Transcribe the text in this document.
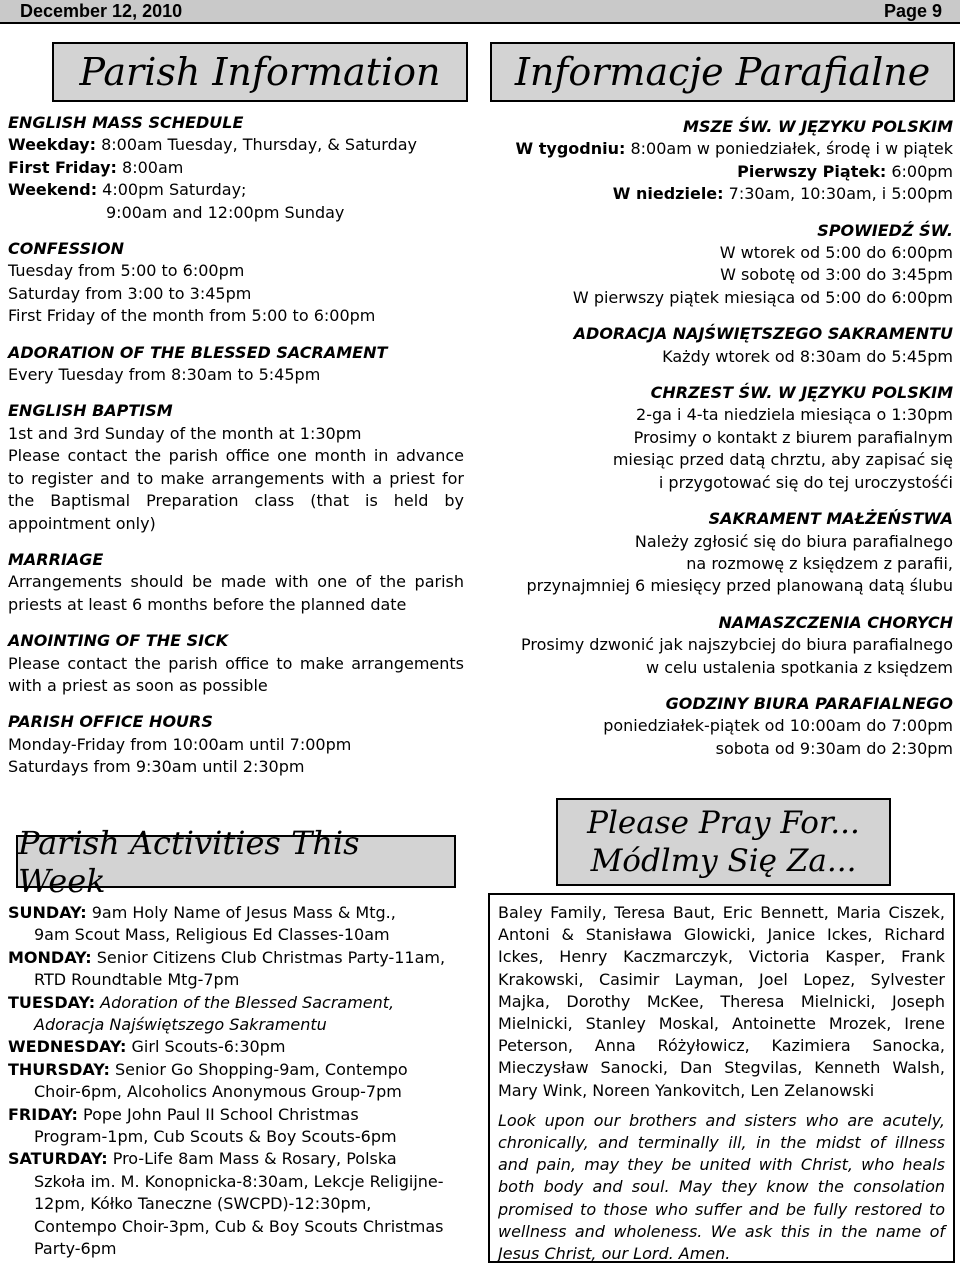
December 12, 2010	Page 9
Parish Information	Informacje Parafialne
ENGLISH MASS SCHEDULE
Weekday: 8:00am Tuesday, Thursday, & Saturday
First Friday: 8:00am
Weekend: 4:00pm Saturday;
9:00am and 12:00pm Sunday
CONFESSION
Tuesday from 5:00 to 6:00pm
Saturday from 3:00 to 3:45pm
First Friday of the month from 5:00 to 6:00pm
ADORATION OF THE BLESSED SACRAMENT
Every Tuesday from 8:30am to 5:45pm
ENGLISH BAPTISM
1st and 3rd Sunday of the month at 1:30pm
Please contact the parish office one month in advance to register and to make arrangements with a priest for the Baptismal Preparation class (that is held by appointment only)
MARRIAGE
Arrangements should be made with one of the parish priests at least 6 months before the planned date
ANOINTING OF THE SICK
Please contact the parish office to make arrangements with a priest as soon as possible
PARISH OFFICE HOURS
Monday-Friday from 10:00am until 7:00pm
Saturdays from 9:30am until 2:30pm
MSZE ŚW. W JĘZYKU POLSKIM
W tygodniu: 8:00am w poniedziałek, środę i w piątek
Pierwszy Piątek: 6:00pm
W niedziele: 7:30am, 10:30am, i 5:00pm
SPOWIEDŹ ŚW.
W wtorek od 5:00 do 6:00pm
W sobotę od 3:00 do 3:45pm
W pierwszy piątek miesiąca od 5:00 do 6:00pm
ADORACJA NAJŚWIĘTSZEGO SAKRAMENTU
Każdy wtorek od 8:30am do 5:45pm
CHRZEST ŚW. W JĘZYKU POLSKIM
2-ga i 4-ta niedziela miesiąca o 1:30pm
Prosimy o kontakt z biurem parafialnym
miesiąc przed datą chrztu, aby zapisać się
i przygotować się do tej uroczystośći
SAKRAMENT MAŁŻEŃSTWA
Należy zgłosić się do biura parafialnego
na rozmowę z księdzem z parafii,
przynajmniej 6 miesięcy przed planowaną datą ślubu
NAMASZCZENIA CHORYCH
Prosimy dzwonić jak najszybciej do biura parafialnego
w celu ustalenia spotkania z księdzem
GODZINY BIURA PARAFIALNEGO
poniedziałek-piątek od 10:00am do 7:00pm
sobota od 9:30am do 2:30pm
Parish Activities This Week
SUNDAY: 9am Holy Name of Jesus Mass & Mtg.,
9am Scout Mass, Religious Ed Classes-10am
MONDAY: Senior Citizens Club Christmas Party-11am,
RTD Roundtable Mtg-7pm
TUESDAY: Adoration of the Blessed Sacrament,
Adoracja Najświętszego Sakramentu
WEDNESDAY: Girl Scouts-6:30pm
THURSDAY: Senior Go Shopping-9am, Contempo
Choir-6pm, Alcoholics Anonymous Group-7pm
FRIDAY: Pope John Paul II School Christmas
Program-1pm, Cub Scouts & Boy Scouts-6pm
SATURDAY: Pro-Life 8am Mass & Rosary, Polska
Szkoła im. M. Konopnicka-8:30am, Lekcje Religijne-
12pm, Kółko Taneczne (SWCPD)-12:30pm,
Contempo Choir-3pm, Cub & Boy Scouts Christmas
Party-6pm
Please Pray For...
Módlmy Się Za...
Baley Family, Teresa Baut, Eric Bennett, Maria Ciszek, Antoni & Stanisława Glowicki, Janice Ickes, Richard Ickes, Henry Kaczmarczyk, Victoria Kasper, Frank Krakowski, Casimir Layman, Joel Lopez, Sylvester Majka, Dorothy McKee, Theresa Mielnicki, Joseph Mielnicki, Stanley Moskal, Antoinette Mrozek, Irene Peterson, Anna Różyłowicz, Kazimiera Sanocka, Mieczysław Sanocki, Dan Stegvilas, Kenneth Walsh, Mary Wink, Noreen Yankovitch, Len Zelanowski
Look upon our brothers and sisters who are acutely, chronically, and terminally ill, in the midst of illness and pain, may they be united with Christ, who heals both body and soul. May they know the consolation promised to those who suffer and be fully restored to wellness and wholeness. We ask this in the name of Jesus Christ, our Lord. Amen.
